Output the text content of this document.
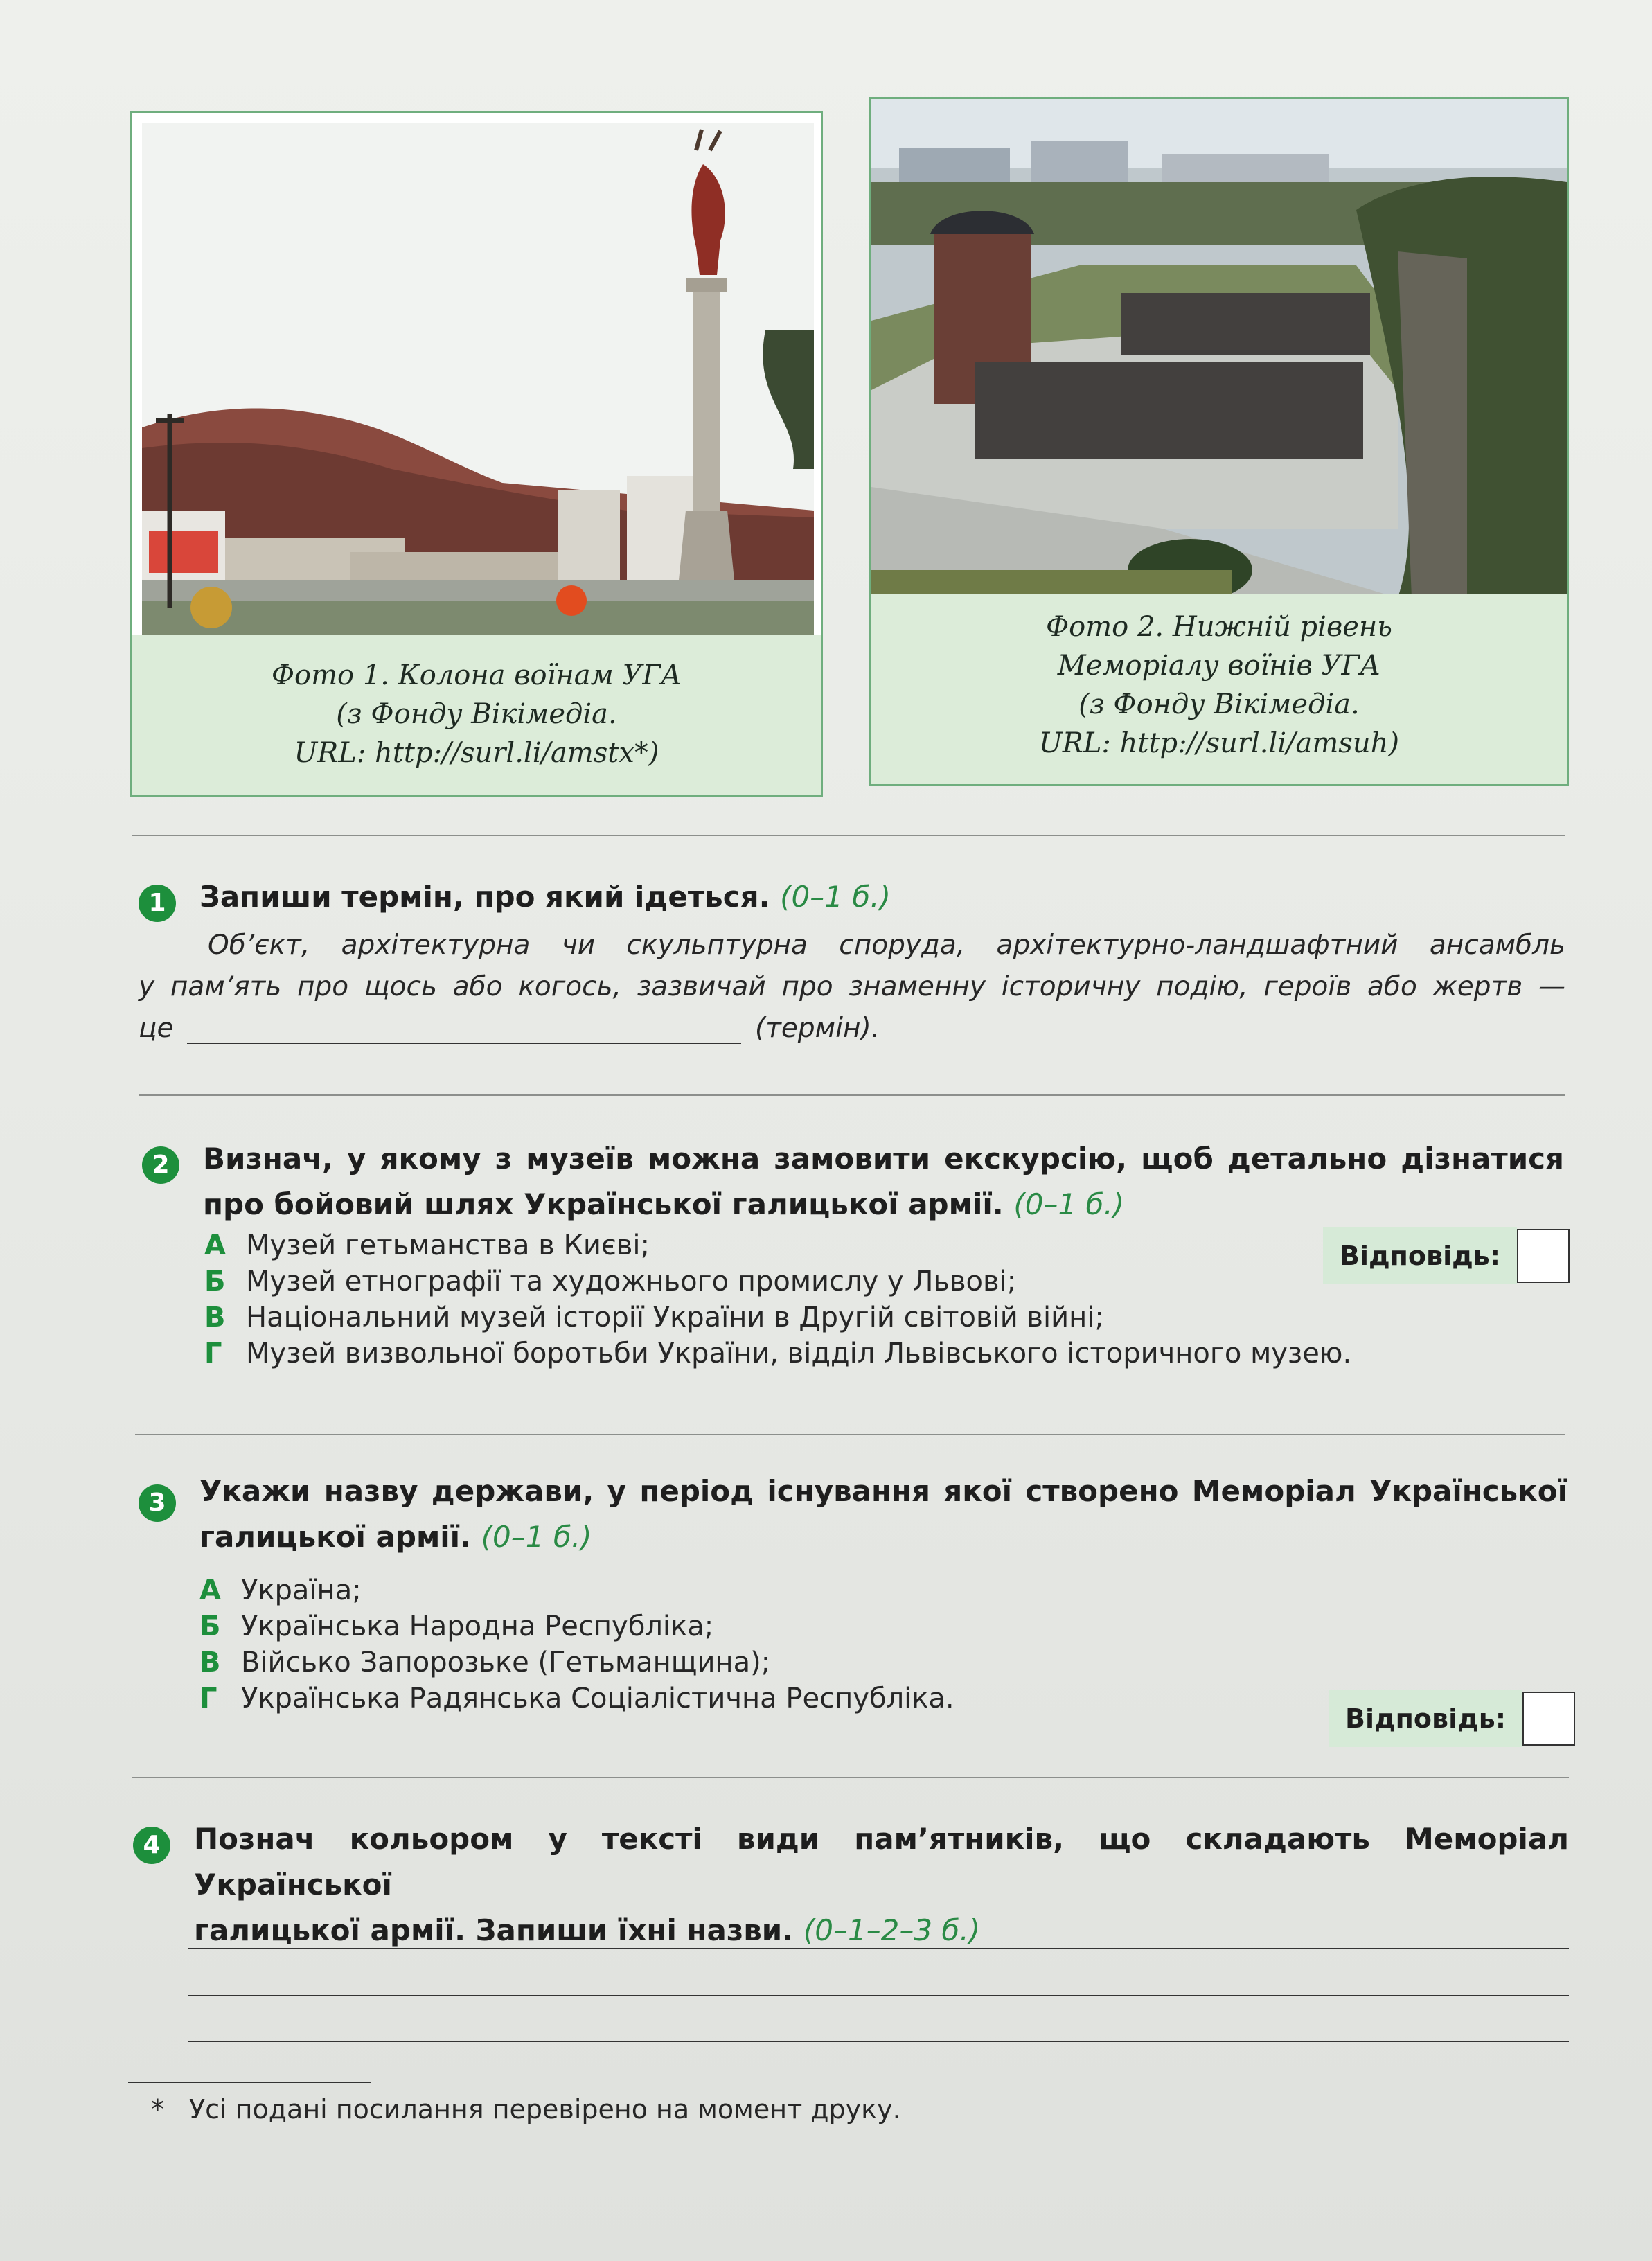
Фото 1. Колона воїнам УГА
(з Фонду Вікімедіа.
URL: http://surl.li/amstx*)
Фото 2. Нижній рівень
Меморіалу воїнів УГА
(з Фонду Вікімедіа.
URL: http://surl.li/amsuh)
1	Запиши термін, про який ідеться. (0–1 б.)
Об’єкт, архітектурна чи скульптурна споруда, архітектурно-ландшафтний ансамбль
у пам’ять про щось або когось, зазвичай про знаменну історичну подію, героїв або жертв —
це	(термін).
2	Визнач, у якому з музеїв можна замовити екскурсію, щоб детально дізнатися
про бойовий шлях Української галицької армії. (0–1 б.)
А Музей гетьманства в Києві;
Б Музей етнографії та художнього промислу у Львові;
В Національний музей історії України в Другій світовій війні;
Г Музей визвольної боротьби України, відділ Львівського історичного музею.
Відповідь:
3	Укажи назву держави, у період існування якої створено Меморіал Української
галицької армії. (0–1 б.)
А Україна;
Б Українська Народна Республіка;
В Військо Запорозьке (Гетьманщина);
Г Українська Радянська Соціалістична Республіка.
Відповідь:
4	Познач кольором у тексті види пам’ятників, що складають Меморіал Української
галицької армії. Запиши їхні назви. (0–1–2–3 б.)
* Усі подані посилання перевірено на момент друку.
